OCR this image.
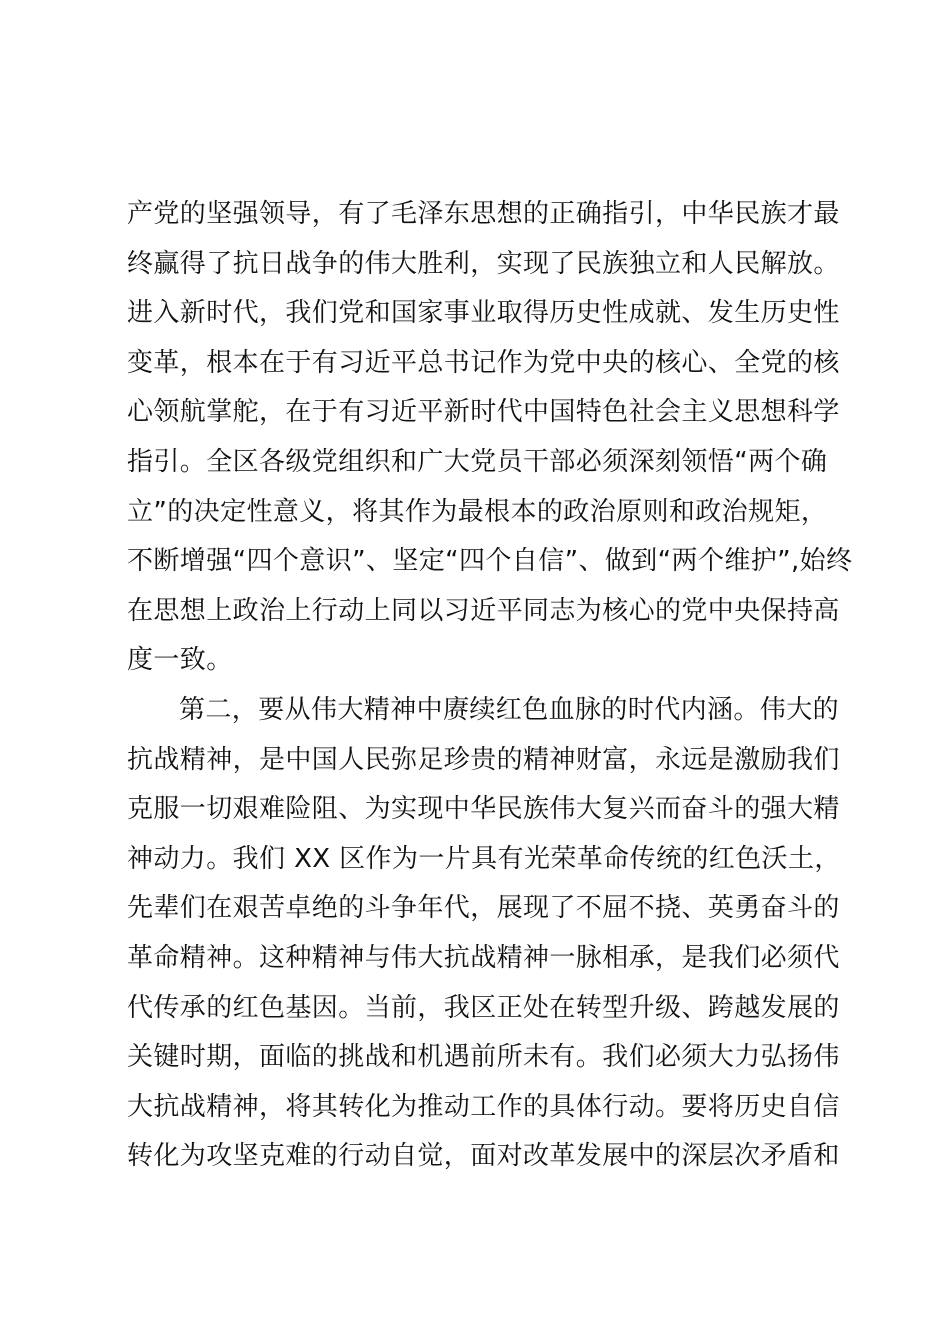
产党的坚强领导，有了毛泽东思想的正确指引，中华民族才最
终赢得了抗日战争的伟大胜利，实现了民族独立和人民解放。
进入新时代，我们党和国家事业取得历史性成就、发生历史性
变革，根本在于有习近平总书记作为党中央的核心、全党的核
心领航掌舵，在于有习近平新时代中国特色社会主义思想科学
指引。全区各级党组织和广大党员干部必须深刻领悟“两个确
立”的决定性意义，将其作为最根本的政治原则和政治规矩，
不断增强“四个意识”、坚定“四个自信”、做到“两个维护”,始终
在思想上政治上行动上同以习近平同志为核心的党中央保持高
度一致。
第二，要从伟大精神中赓续红色血脉的时代内涵。伟大的
抗战精神，是中国人民弥足珍贵的精神财富，永远是激励我们
克服一切艰难险阻、为实现中华民族伟大复兴而奋斗的强大精
神动力。我们 XX 区作为一片具有光荣革命传统的红色沃土，
先辈们在艰苦卓绝的斗争年代，展现了不屈不挠、英勇奋斗的
革命精神。这种精神与伟大抗战精神一脉相承，是我们必须代
代传承的红色基因。当前，我区正处在转型升级、跨越发展的
关键时期，面临的挑战和机遇前所未有。我们必须大力弘扬伟
大抗战精神，将其转化为推动工作的具体行动。要将历史自信
转化为攻坚克难的行动自觉，面对改革发展中的深层次矛盾和
